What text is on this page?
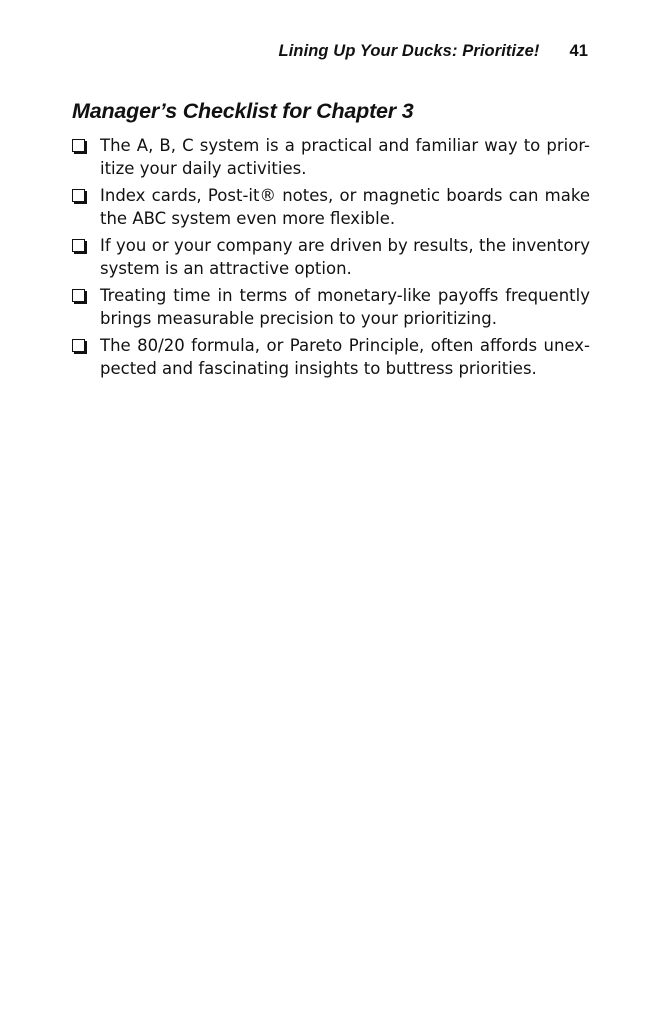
Lining Up Your Ducks: Prioritize! 41
Manager’s Checklist for Chapter 3
The A, B, C system is a practical and familiar way to prior-itize your daily activities.
Index cards, Post-it® notes, or magnetic boards can make the ABC system even more flexible.
If you or your company are driven by results, the inventory system is an attractive option.
Treating time in terms of monetary-like payoffs frequently brings measurable precision to your prioritizing.
The 80/20 formula, or Pareto Principle, often affords unex-pected and fascinating insights to buttress priorities.
